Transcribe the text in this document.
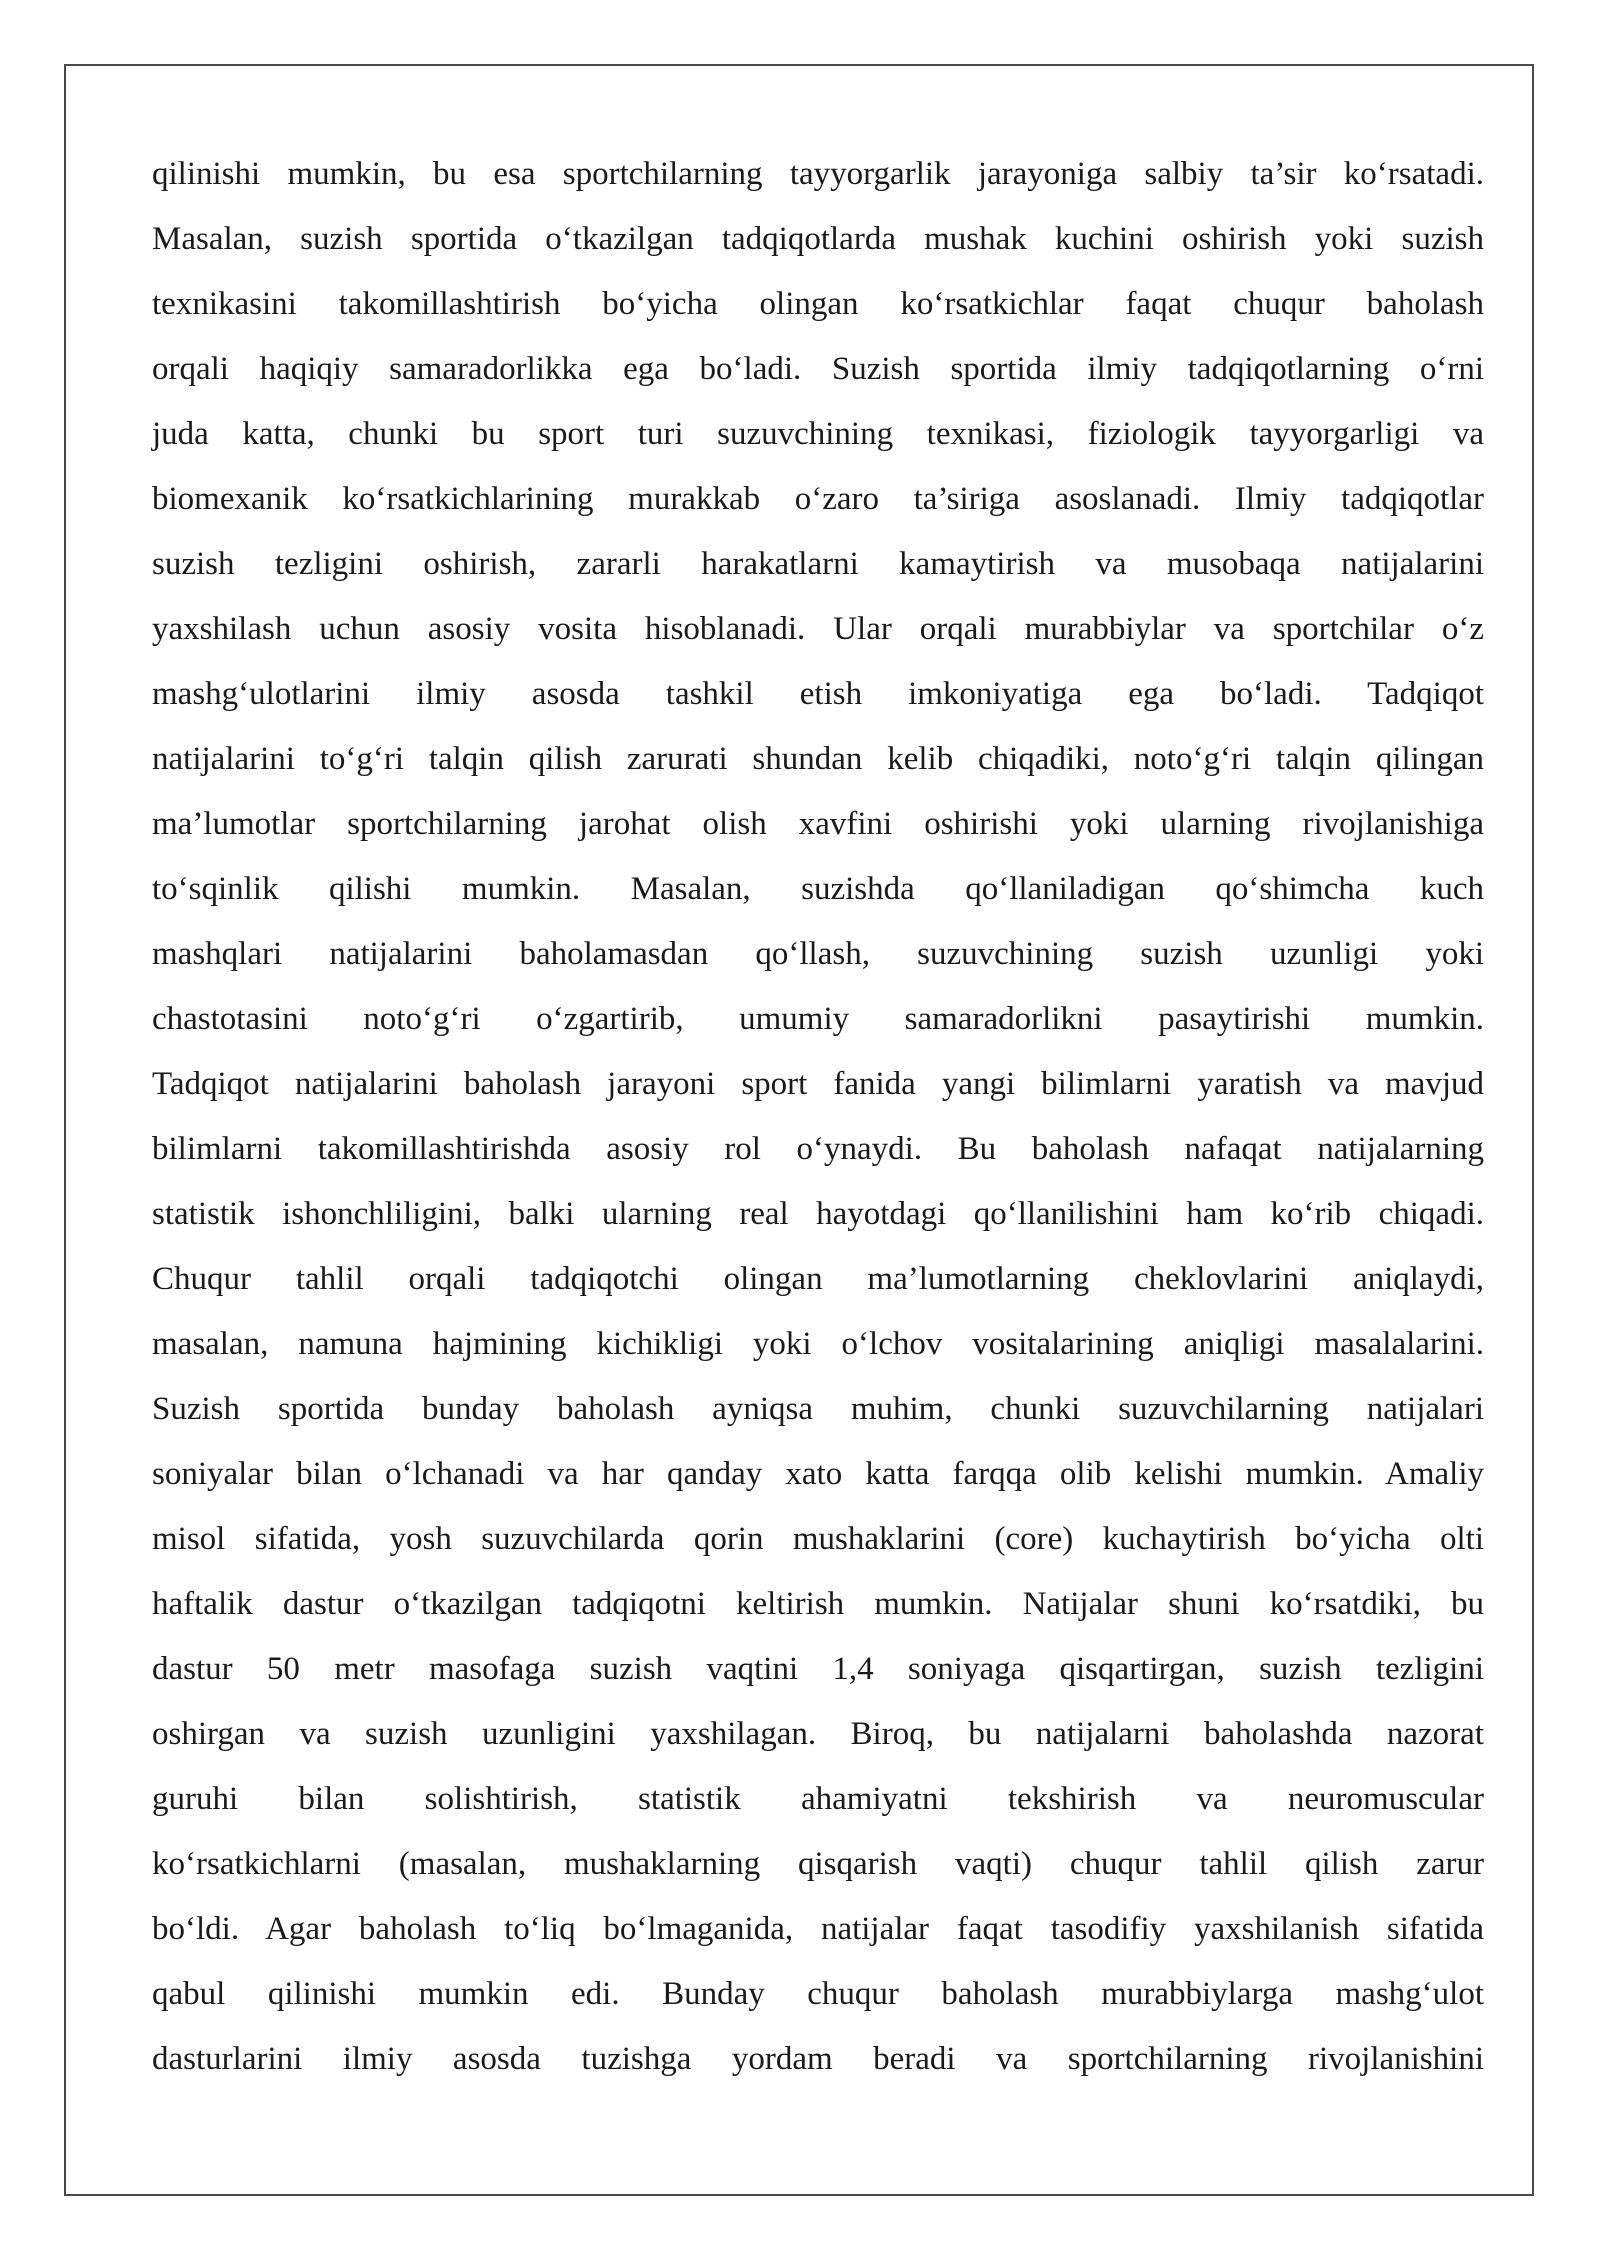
qilinishi mumkin, bu esa sportchilarning tayyorgarlik jarayoniga salbiy ta’sir ko‘rsatadi.
Masalan, suzish sportida o‘tkazilgan tadqiqotlarda mushak kuchini oshirish yoki suzish
texnikasini takomillashtirish bo‘yicha olingan ko‘rsatkichlar faqat chuqur baholash
orqali haqiqiy samaradorlikka ega bo‘ladi. Suzish sportida ilmiy tadqiqotlarning o‘rni
juda katta, chunki bu sport turi suzuvchining texnikasi, fiziologik tayyorgarligi va
biomexanik ko‘rsatkichlarining murakkab o‘zaro ta’siriga asoslanadi. Ilmiy tadqiqotlar
suzish tezligini oshirish, zararli harakatlarni kamaytirish va musobaqa natijalarini
yaxshilash uchun asosiy vosita hisoblanadi. Ular orqali murabbiylar va sportchilar o‘z
mashg‘ulotlarini ilmiy asosda tashkil etish imkoniyatiga ega bo‘ladi. Tadqiqot
natijalarini to‘g‘ri talqin qilish zarurati shundan kelib chiqadiki, noto‘g‘ri talqin qilingan
ma’lumotlar sportchilarning jarohat olish xavfini oshirishi yoki ularning rivojlanishiga
to‘sqinlik qilishi mumkin. Masalan, suzishda qo‘llaniladigan qo‘shimcha kuch
mashqlari natijalarini baholamasdan qo‘llash, suzuvchining suzish uzunligi yoki
chastotasini noto‘g‘ri o‘zgartirib, umumiy samaradorlikni pasaytirishi mumkin.
Tadqiqot natijalarini baholash jarayoni sport fanida yangi bilimlarni yaratish va mavjud
bilimlarni takomillashtirishda asosiy rol o‘ynaydi. Bu baholash nafaqat natijalarning
statistik ishonchliligini, balki ularning real hayotdagi qo‘llanilishini ham ko‘rib chiqadi.
Chuqur tahlil orqali tadqiqotchi olingan ma’lumotlarning cheklovlarini aniqlaydi,
masalan, namuna hajmining kichikligi yoki o‘lchov vositalarining aniqligi masalalarini.
Suzish sportida bunday baholash ayniqsa muhim, chunki suzuvchilarning natijalari
soniyalar bilan o‘lchanadi va har qanday xato katta farqqa olib kelishi mumkin. Amaliy
misol sifatida, yosh suzuvchilarda qorin mushaklarini (core) kuchaytirish bo‘yicha olti
haftalik dastur o‘tkazilgan tadqiqotni keltirish mumkin. Natijalar shuni ko‘rsatdiki, bu
dastur 50 metr masofaga suzish vaqtini 1,4 soniyaga qisqartirgan, suzish tezligini
oshirgan va suzish uzunligini yaxshilagan. Biroq, bu natijalarni baholashda nazorat
guruhi bilan solishtirish, statistik ahamiyatni tekshirish va neuromuscular
ko‘rsatkichlarni (masalan, mushaklarning qisqarish vaqti) chuqur tahlil qilish zarur
bo‘ldi. Agar baholash to‘liq bo‘lmaganida, natijalar faqat tasodifiy yaxshilanish sifatida
qabul qilinishi mumkin edi. Bunday chuqur baholash murabbiylarga mashg‘ulot
dasturlarini ilmiy asosda tuzishga yordam beradi va sportchilarning rivojlanishini
